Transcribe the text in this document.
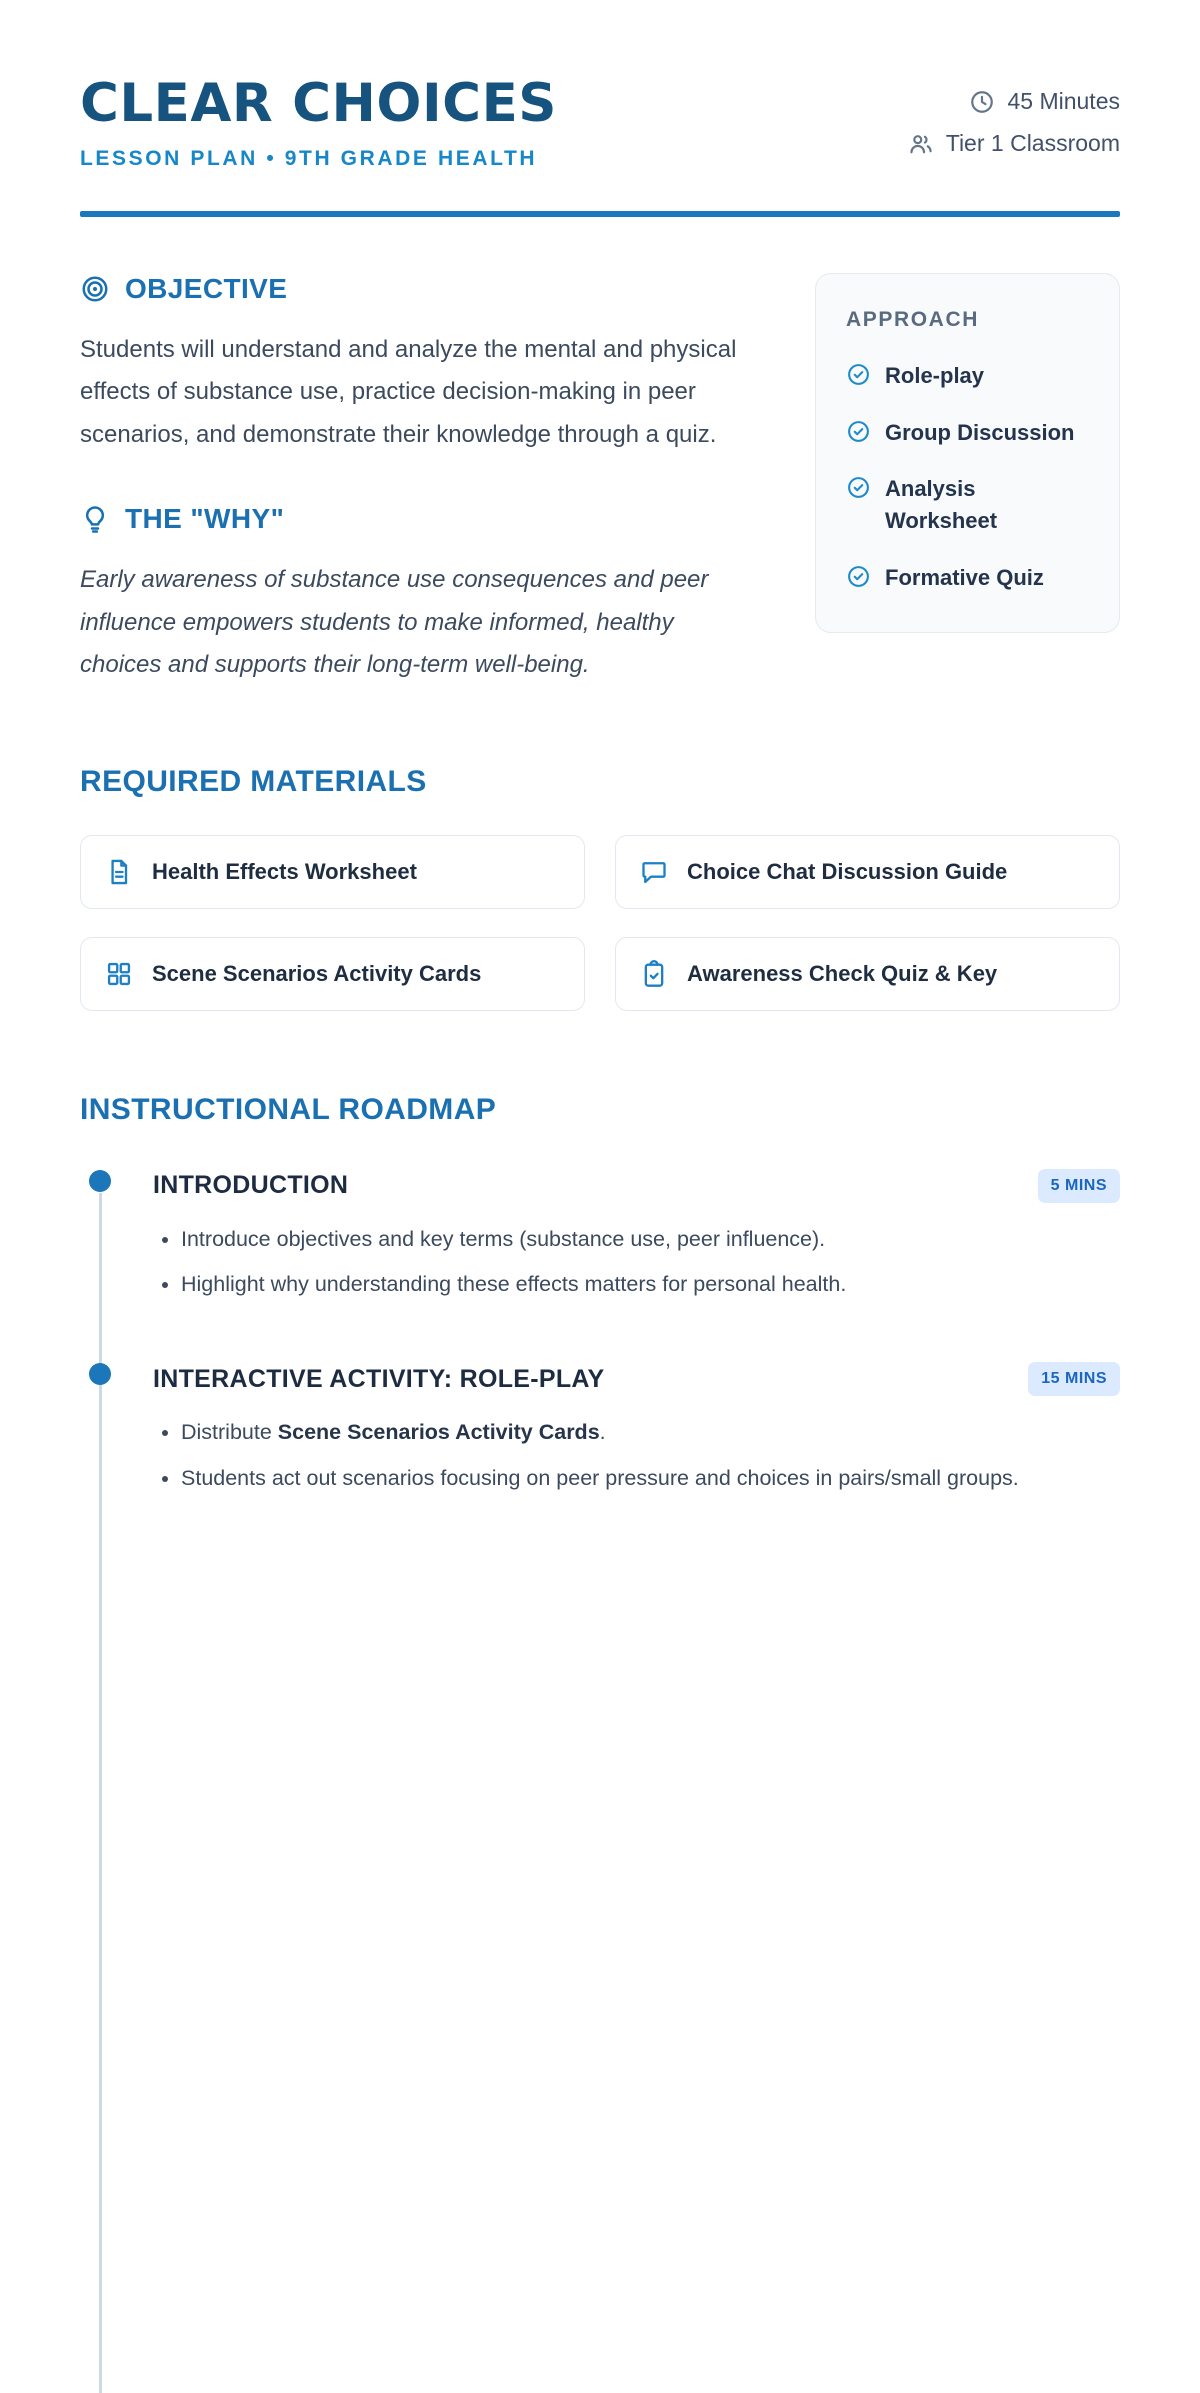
CLEAR CHOICES
LESSON PLAN • 9TH GRADE HEALTH
45 Minutes
Tier 1 Classroom
OBJECTIVE

Students will understand and analyze the mental and physical effects of substance use, practice decision-making in peer scenarios, and demonstrate their knowledge through a quiz.

THE "WHY"

Early awareness of substance use consequences and peer influence empowers students to make informed, healthy choices and supports their long-term well-being.

APPROACH
Role-play
Group Discussion
Analysis Worksheet
Formative Quiz
REQUIRED MATERIALS
Health Effects Worksheet	Choice Chat Discussion Guide
Scene Scenarios Activity Cards	Awareness Check Quiz & Key
INSTRUCTIONAL ROADMAP
INTRODUCTION	5 MINS
• Introduce objectives and key terms (substance use, peer influence).
• Highlight why understanding these effects matters for personal health.
INTERACTIVE ACTIVITY: ROLE-PLAY	15 MINS
• Distribute Scene Scenarios Activity Cards.
• Students act out scenarios focusing on peer pressure and choices in pairs/small groups.
